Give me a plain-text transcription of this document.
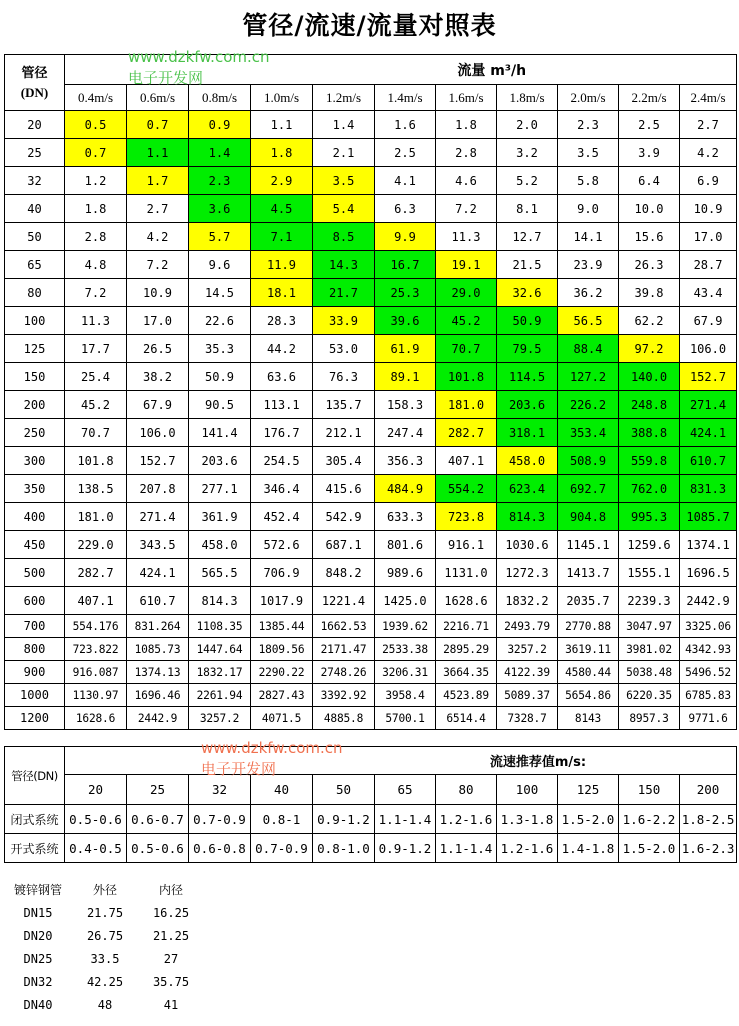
管径/流速/流量对照表
www.dzkfw.com.cn
电子开发网
www.dzkfw.com.cn
电子开发网
管径
(DN)	流量 m³/h										
	0.4m/s	0.6m/s	0.8m/s	1.0m/s	1.2m/s	1.4m/s	1.6m/s	1.8m/s	2.0m/s	2.2m/s	2.4m/s
20	0.5	0.7	0.9	1.1	1.4	1.6	1.8	2.0	2.3	2.5	2.7
25	0.7	1.1	1.4	1.8	2.1	2.5	2.8	3.2	3.5	3.9	4.2
32	1.2	1.7	2.3	2.9	3.5	4.1	4.6	5.2	5.8	6.4	6.9
40	1.8	2.7	3.6	4.5	5.4	6.3	7.2	8.1	9.0	10.0	10.9
50	2.8	4.2	5.7	7.1	8.5	9.9	11.3	12.7	14.1	15.6	17.0
65	4.8	7.2	9.6	11.9	14.3	16.7	19.1	21.5	23.9	26.3	28.7
80	7.2	10.9	14.5	18.1	21.7	25.3	29.0	32.6	36.2	39.8	43.4
100	11.3	17.0	22.6	28.3	33.9	39.6	45.2	50.9	56.5	62.2	67.9
125	17.7	26.5	35.3	44.2	53.0	61.9	70.7	79.5	88.4	97.2	106.0
150	25.4	38.2	50.9	63.6	76.3	89.1	101.8	114.5	127.2	140.0	152.7
200	45.2	67.9	90.5	113.1	135.7	158.3	181.0	203.6	226.2	248.8	271.4
250	70.7	106.0	141.4	176.7	212.1	247.4	282.7	318.1	353.4	388.8	424.1
300	101.8	152.7	203.6	254.5	305.4	356.3	407.1	458.0	508.9	559.8	610.7
350	138.5	207.8	277.1	346.4	415.6	484.9	554.2	623.4	692.7	762.0	831.3
400	181.0	271.4	361.9	452.4	542.9	633.3	723.8	814.3	904.8	995.3	1085.7
450	229.0	343.5	458.0	572.6	687.1	801.6	916.1	1030.6	1145.1	1259.6	1374.1
500	282.7	424.1	565.5	706.9	848.2	989.6	1131.0	1272.3	1413.7	1555.1	1696.5
600	407.1	610.7	814.3	1017.9	1221.4	1425.0	1628.6	1832.2	2035.7	2239.3	2442.9
700	554.176	831.264	1108.35	1385.44	1662.53	1939.62	2216.71	2493.79	2770.88	3047.97	3325.06
800	723.822	1085.73	1447.64	1809.56	2171.47	2533.38	2895.29	3257.2	3619.11	3981.02	4342.93
900	916.087	1374.13	1832.17	2290.22	2748.26	3206.31	3664.35	4122.39	4580.44	5038.48	5496.52
1000	1130.97	1696.46	2261.94	2827.43	3392.92	3958.4	4523.89	5089.37	5654.86	6220.35	6785.83
1200	1628.6	2442.9	3257.2	4071.5	4885.8	5700.1	6514.4	7328.7	8143	8957.3	9771.6
管径(DN)	流速推荐值m/s:										
	20	25	32	40	50	65	80	100	125	150	200
闭式系统	0.5-0.6	0.6-0.7	0.7-0.9	0.8-1	0.9-1.2	1.1-1.4	1.2-1.6	1.3-1.8	1.5-2.0	1.6-2.2	1.8-2.5
开式系统	0.4-0.5	0.5-0.6	0.6-0.8	0.7-0.9	0.8-1.0	0.9-1.2	1.1-1.4	1.2-1.6	1.4-1.8	1.5-2.0	1.6-2.3
镀锌钢管	外径	内径
DN15	21.75	16.25
DN20	26.75	21.25
DN25	33.5	27
DN32	42.25	35.75
DN40	48	41
